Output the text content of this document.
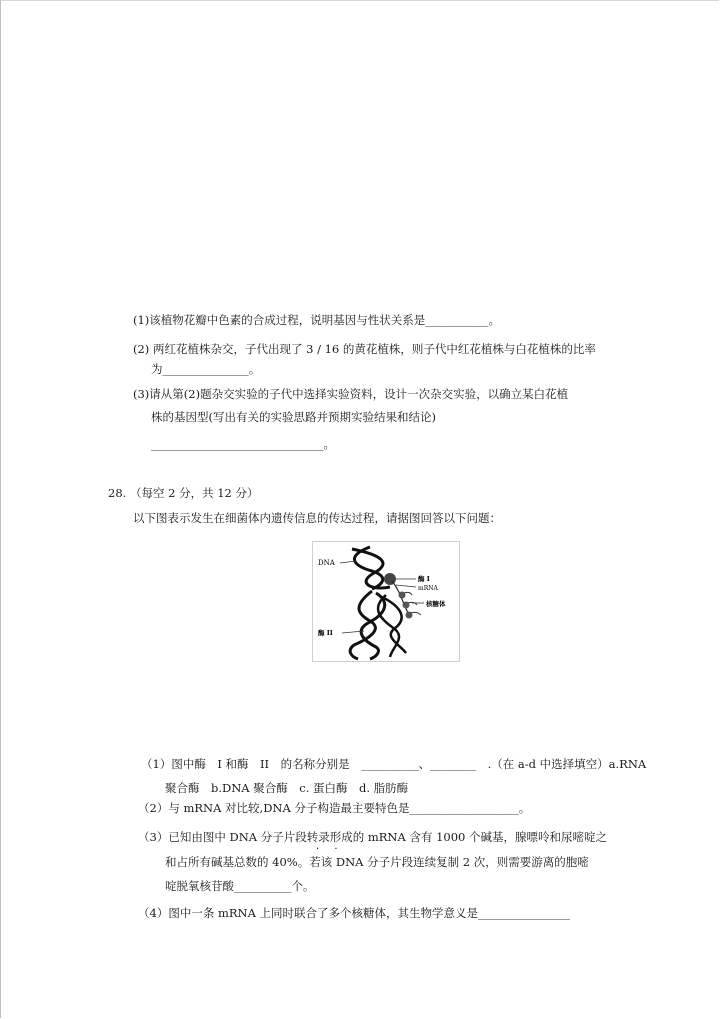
(1)该植物花瓣中色素的合成过程，说明基因与性状关系是___________。
(2) 两红花植株杂交，子代出现了 3 / 16 的黄花植株，则子代中红花植株与白花植株的比率
为_______________。
(3)请从第(2)题杂交实验的子代中选择实验资料，设计一次杂交实验，以确立某白花植
株的基因型(写出有关的实验思路并预期实验结果和结论)
______________________________。
28. （每空 2 分，共 12 分）
以下图表示发生在细菌体内遗传信息的传达过程，请据图回答以下问题：
DNA
酶 I
mRNA
核糖体
酶 II
（1）图中酶　I 和酶　II　的名称分别是　__________、________　.（在 a-d 中选择填空）a.RNA
聚合酶　b.DNA 聚合酶　c. 蛋白酶　d. 脂肪酶
（2）与 mRNA 对比较,DNA 分子构造最主要特色是___________________。
（3）已知由图中 DNA 分子片段转录形成的 mRNA 含有 1000 个碱基，腺嘌呤和尿嘧啶之
· ·
和占所有碱基总数的 40%。若该 DNA 分子片段连续复制 2 次，则需要游离的胞嘧
啶脱氧核苷酸__________个。
（4）图中一条 mRNA 上同时联合了多个核糖体，其生物学意义是________________
